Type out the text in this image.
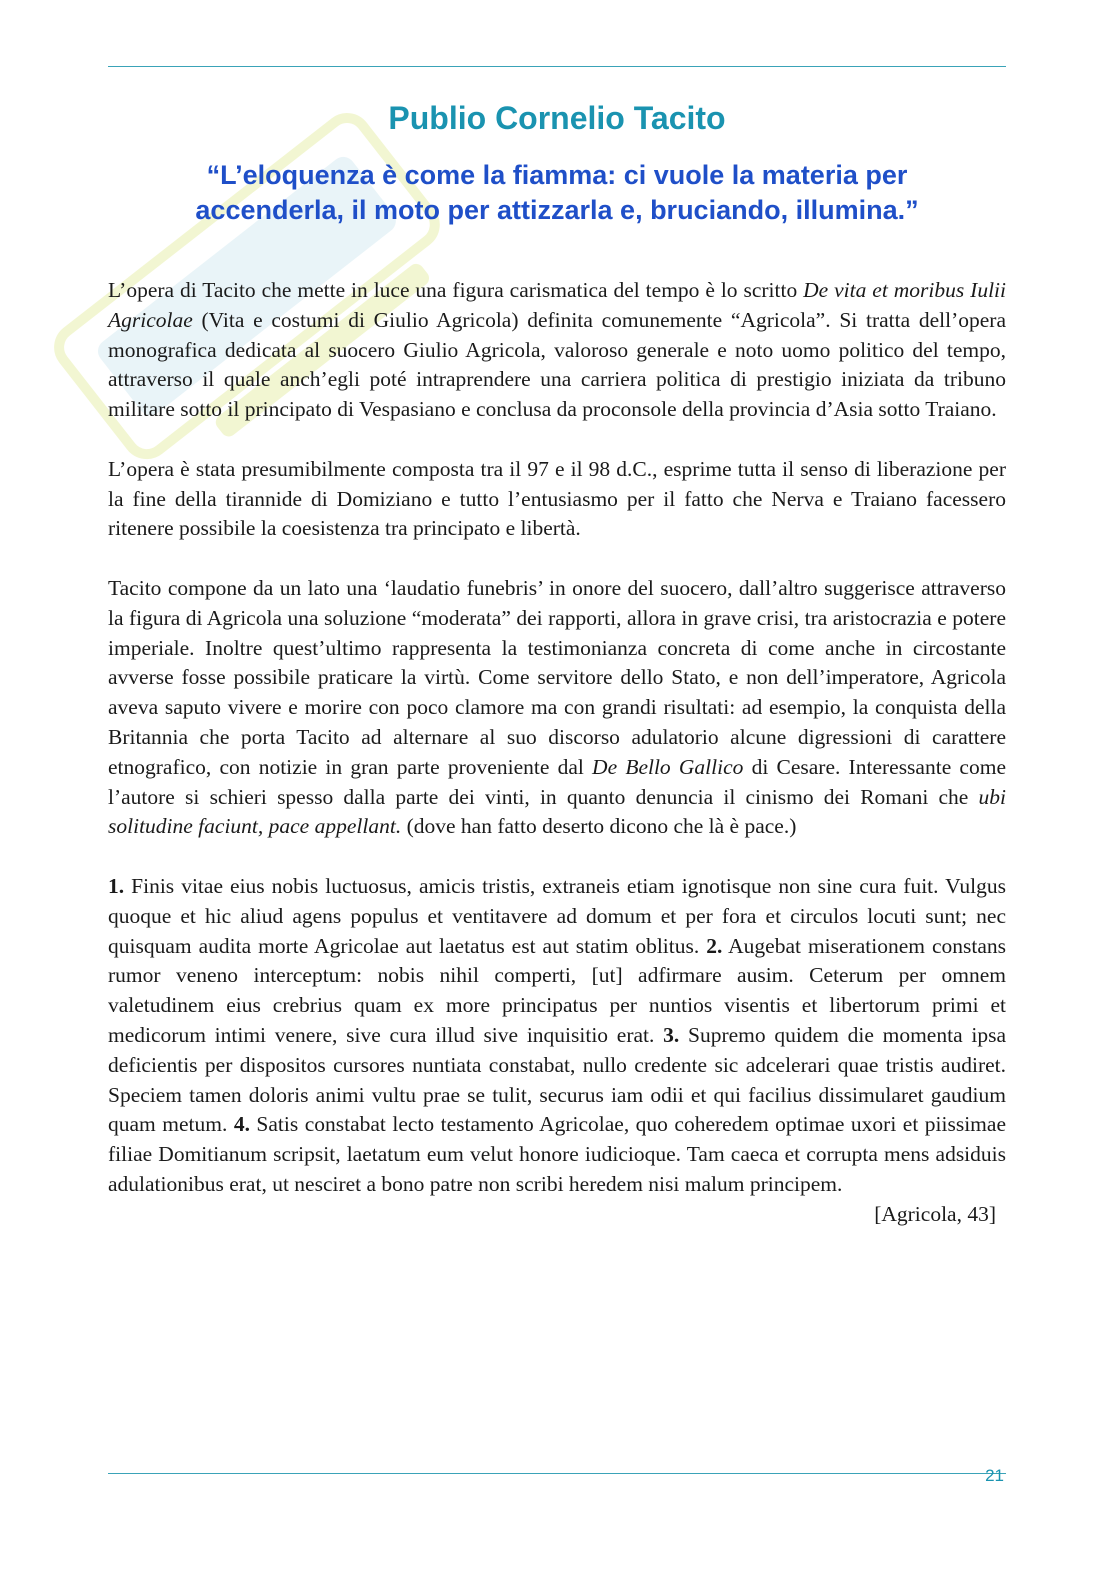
Publio Cornelio Tacito

“L’eloquenza è come la fiamma: ci vuole la materia per accenderla, il moto per attizzarla e, bruciando, illumina.”

L’opera di Tacito che mette in luce una figura carismatica del tempo è lo scritto De vita et moribus Iulii Agricolae (Vita e costumi di Giulio Agricola) definita comunemente “Agricola”. Si tratta dell’opera monografica dedicata al suocero Giulio Agricola, valoroso generale e noto uomo politico del tempo, attraverso il quale anch’egli poté intraprendere una carriera politica di prestigio iniziata da tribuno militare sotto il principato di Vespasiano e conclusa da proconsole della provincia d’Asia sotto Traiano.

L’opera è stata presumibilmente composta tra il 97 e il 98 d.C., esprime tutta il senso di liberazione per la fine della tirannide di Domiziano e tutto l’entusiasmo per il fatto che Nerva e Traiano facessero ritenere possibile la coesistenza tra principato e libertà.

Tacito compone da un lato una ‘laudatio funebris’ in onore del suocero, dall’altro suggerisce attraverso la figura di Agricola una soluzione “moderata” dei rapporti, allora in grave crisi, tra aristocrazia e potere imperiale. Inoltre quest’ultimo rappresenta la testimonianza concreta di come anche in circostante avverse fosse possibile praticare la virtù. Come servitore dello Stato, e non dell’imperatore, Agricola aveva saputo vivere e morire con poco clamore ma con grandi risultati: ad esempio, la conquista della Britannia che porta Tacito ad alternare al suo discorso adulatorio alcune digressioni di carattere etnografico, con notizie in gran parte proveniente dal De Bello Gallico di Cesare. Interessante come l’autore si schieri spesso dalla parte dei vinti, in quanto denuncia il cinismo dei Romani che ubi solitudine faciunt, pace appellant. (dove han fatto deserto dicono che là è pace.)

1. Finis vitae eius nobis luctuosus, amicis tristis, extraneis etiam ignotisque non sine cura fuit. Vulgus quoque et hic aliud agens populus et ventitavere ad domum et per fora et circulos locuti sunt; nec quisquam audita morte Agricolae aut laetatus est aut statim oblitus. 2. Augebat miserationem constans rumor veneno interceptum: nobis nihil comperti, [ut] adfirmare ausim. Ceterum per omnem valetudinem eius crebrius quam ex more principatus per nuntios visentis et libertorum primi et medicorum intimi venere, sive cura illud sive inquisitio erat. 3. Supremo quidem die momenta ipsa deficientis per dispositos cursores nuntiata constabat, nullo credente sic adcelerari quae tristis audiret. Speciem tamen doloris animi vultu prae se tulit, securus iam odii et qui facilius dissimularet gaudium quam metum. 4. Satis constabat lecto testamento Agricolae, quo coheredem optimae uxori et piissimae filiae Domitianum scripsit, laetatum eum velut honore iudicioque. Tam caeca et corrupta mens adsiduis adulationibus erat, ut nesciret a bono patre non scribi heredem nisi malum principem.

[Agricola, 43]
21
